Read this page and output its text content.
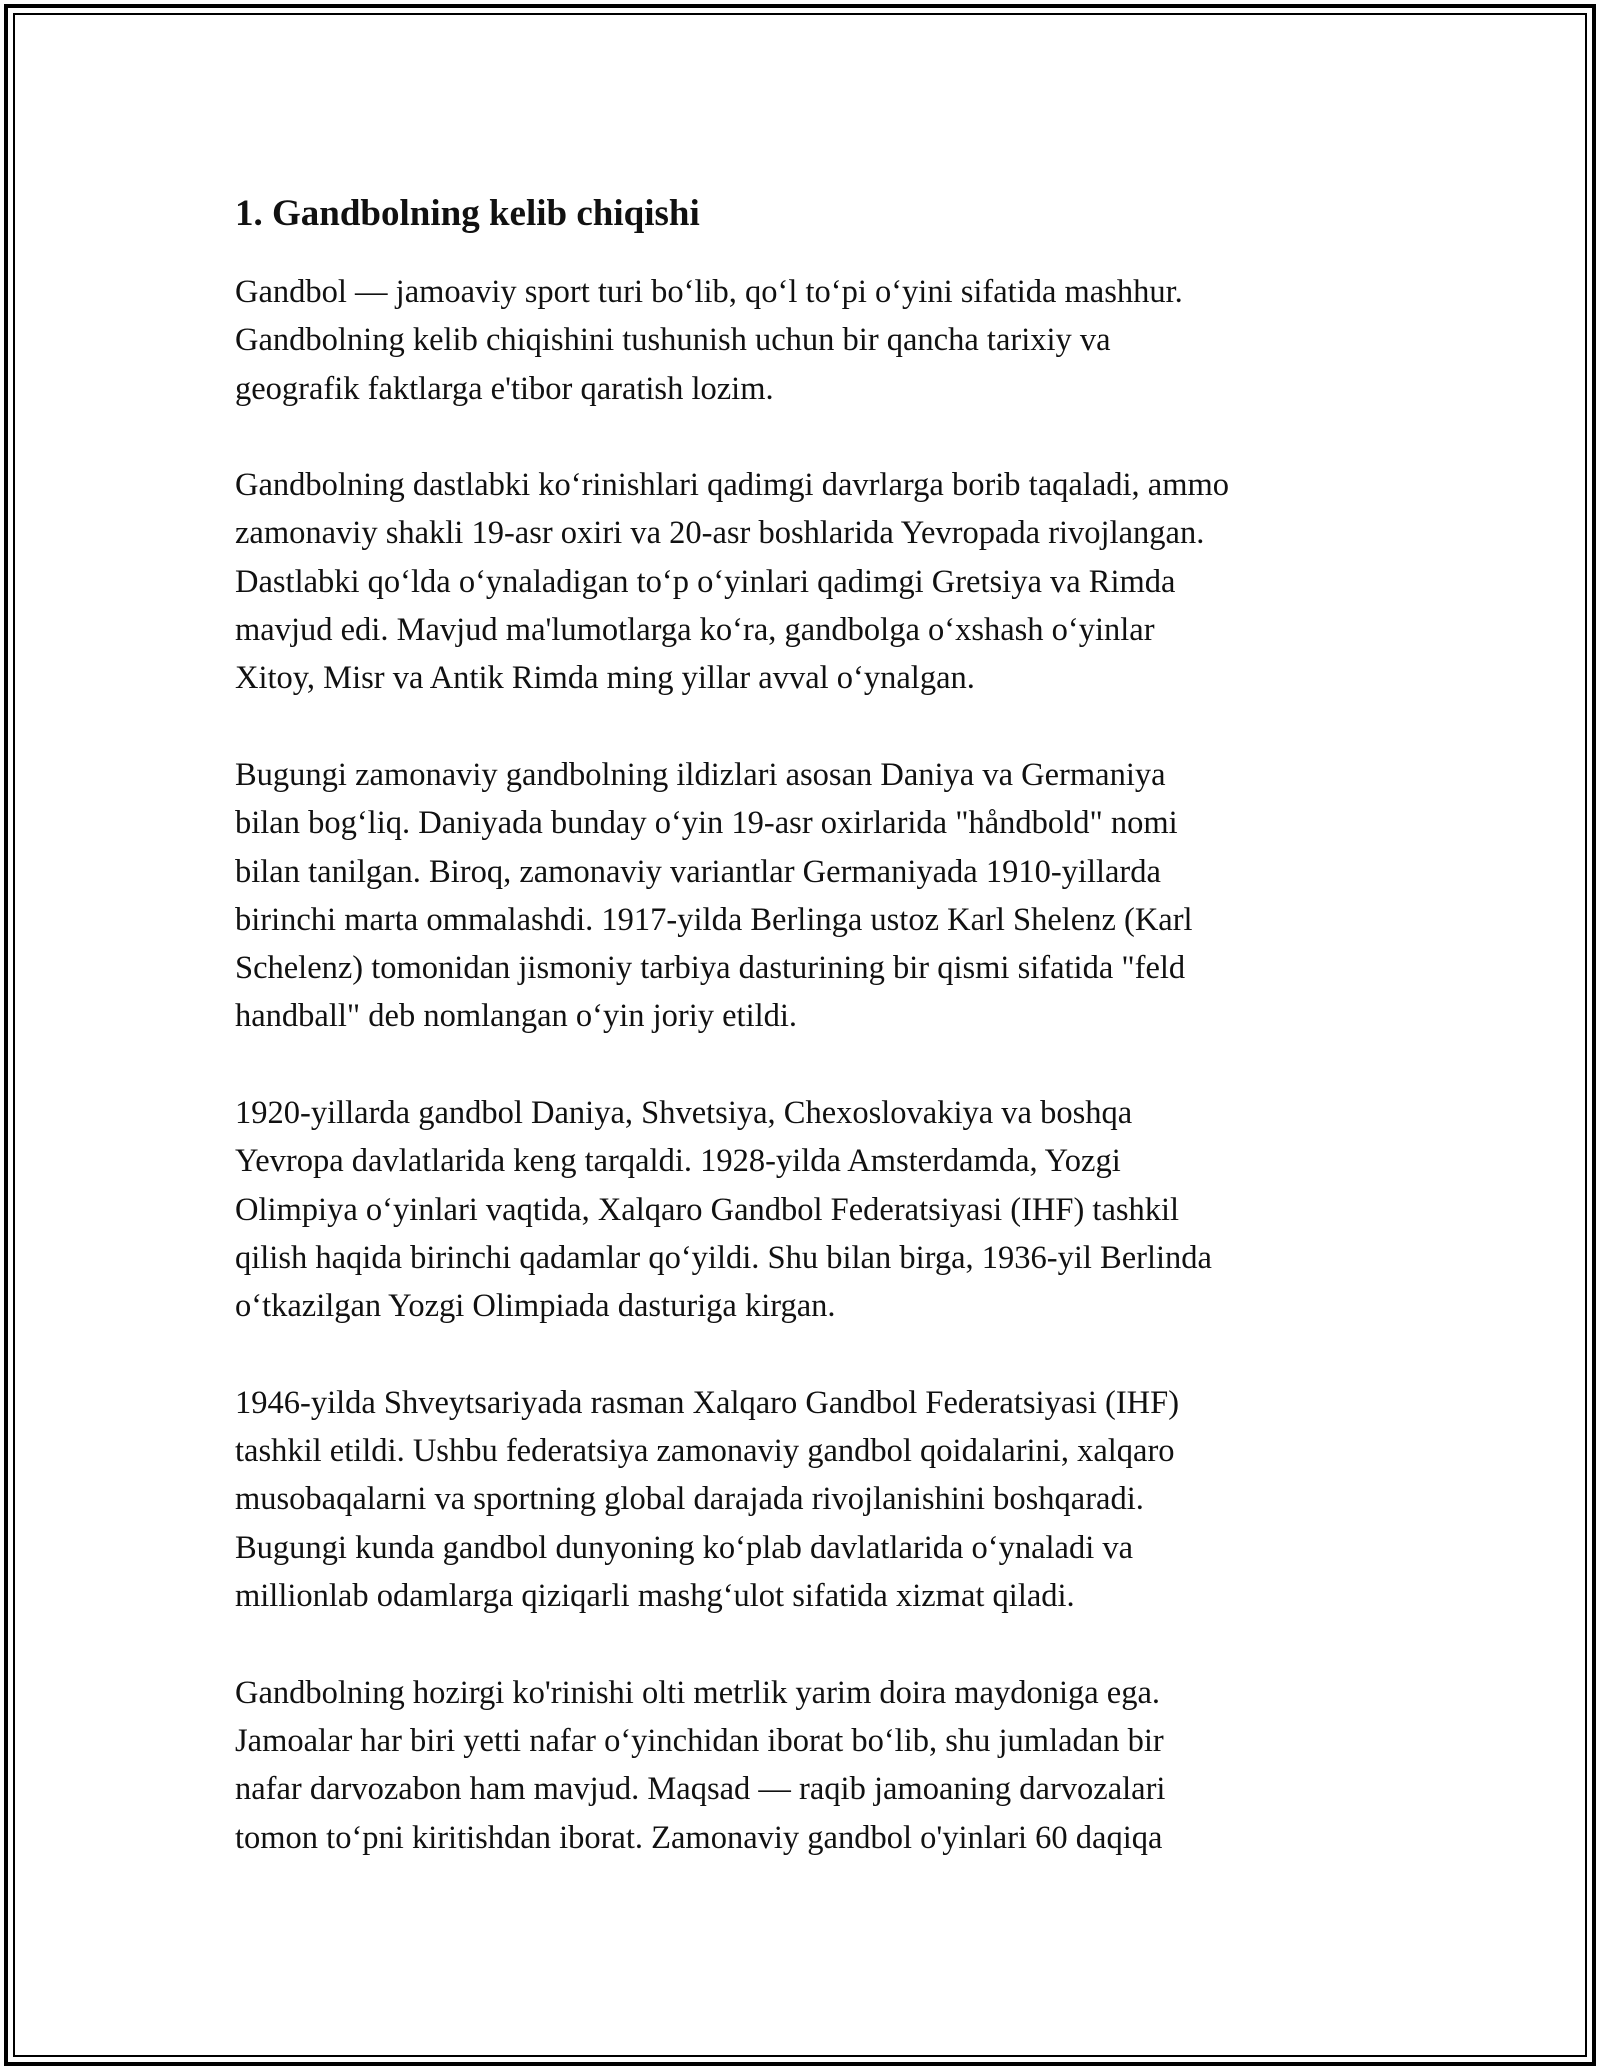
1. Gandbolning kelib chiqishi
Gandbol — jamoaviy sport turi bo‘lib, qo‘l to‘pi o‘yini sifatida mashhur.
Gandbolning kelib chiqishini tushunish uchun bir qancha tarixiy va
geografik faktlarga e'tibor qaratish lozim.
Gandbolning dastlabki ko‘rinishlari qadimgi davrlarga borib taqaladi, ammo
zamonaviy shakli 19-asr oxiri va 20-asr boshlarida Yevropada rivojlangan.
Dastlabki qo‘lda o‘ynaladigan to‘p o‘yinlari qadimgi Gretsiya va Rimda
mavjud edi. Mavjud ma'lumotlarga ko‘ra, gandbolga o‘xshash o‘yinlar
Xitoy, Misr va Antik Rimda ming yillar avval o‘ynalgan.
Bugungi zamonaviy gandbolning ildizlari asosan Daniya va Germaniya
bilan bog‘liq. Daniyada bunday o‘yin 19-asr oxirlarida "håndbold" nomi
bilan tanilgan. Biroq, zamonaviy variantlar Germaniyada 1910-yillarda
birinchi marta ommalashdi. 1917-yilda Berlinga ustoz Karl Shelenz (Karl
Schelenz) tomonidan jismoniy tarbiya dasturining bir qismi sifatida "feld
handball" deb nomlangan o‘yin joriy etildi.
1920-yillarda gandbol Daniya, Shvetsiya, Chexoslovakiya va boshqa
Yevropa davlatlarida keng tarqaldi. 1928-yilda Amsterdamda, Yozgi
Olimpiya o‘yinlari vaqtida, Xalqaro Gandbol Federatsiyasi (IHF) tashkil
qilish haqida birinchi qadamlar qo‘yildi. Shu bilan birga, 1936-yil Berlinda
o‘tkazilgan Yozgi Olimpiada dasturiga kirgan.
1946-yilda Shveytsariyada rasman Xalqaro Gandbol Federatsiyasi (IHF)
tashkil etildi. Ushbu federatsiya zamonaviy gandbol qoidalarini, xalqaro
musobaqalarni va sportning global darajada rivojlanishini boshqaradi.
Bugungi kunda gandbol dunyoning ko‘plab davlatlarida o‘ynaladi va
millionlab odamlarga qiziqarli mashg‘ulot sifatida xizmat qiladi.
Gandbolning hozirgi ko'rinishi olti metrlik yarim doira maydoniga ega.
Jamoalar har biri yetti nafar o‘yinchidan iborat bo‘lib, shu jumladan bir
nafar darvozabon ham mavjud. Maqsad — raqib jamoaning darvozalari
tomon to‘pni kiritishdan iborat. Zamonaviy gandbol o'yinlari 60 daqiqa
